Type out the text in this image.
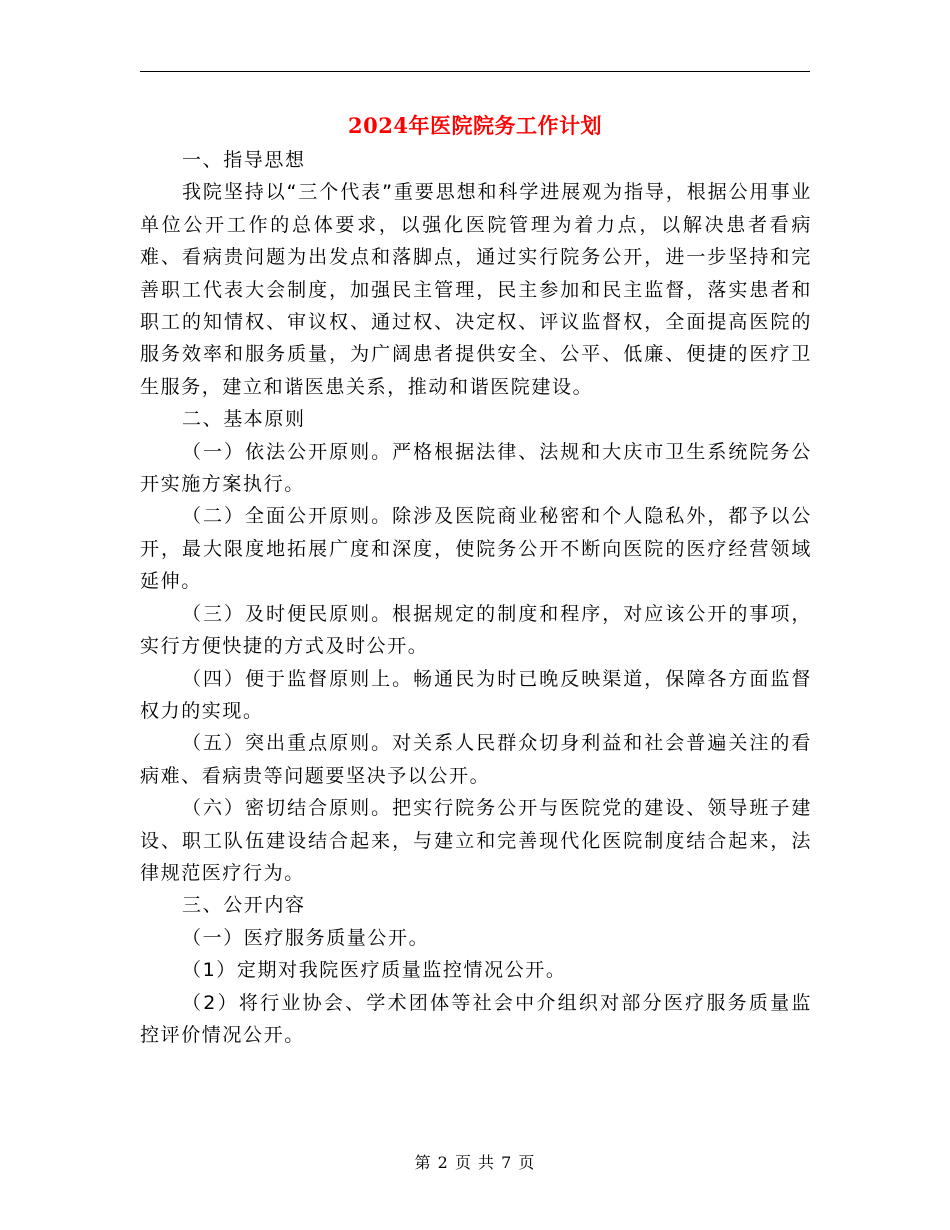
2024年医院院务工作计划

一、指导思想

我院坚持以“三个代表”重要思想和科学进展观为指导，根据公用事业单位公开工作的总体要求，以强化医院管理为着力点，以解决患者看病难、看病贵问题为出发点和落脚点，通过实行院务公开，进一步坚持和完善职工代表大会制度，加强民主管理，民主参加和民主监督，落实患者和职工的知情权、审议权、通过权、决定权、评议监督权，全面提高医院的服务效率和服务质量，为广阔患者提供安全、公平、低廉、便捷的医疗卫生服务，建立和谐医患关系，推动和谐医院建设。

二、基本原则

（一）依法公开原则。严格根据法律、法规和大庆市卫生系统院务公开实施方案执行。

（二）全面公开原则。除涉及医院商业秘密和个人隐私外，都予以公开，最大限度地拓展广度和深度，使院务公开不断向医院的医疗经营领域延伸。

（三）及时便民原则。根据规定的制度和程序，对应该公开的事项，实行方便快捷的方式及时公开。

（四）便于监督原则上。畅通民为时已晚反映渠道，保障各方面监督权力的实现。

（五）突出重点原则。对关系人民群众切身利益和社会普遍关注的看病难、看病贵等问题要坚决予以公开。

（六）密切结合原则。把实行院务公开与医院党的建设、领导班子建设、职工队伍建设结合起来，与建立和完善现代化医院制度结合起来，法律规范医疗行为。

三、公开内容

（一）医疗服务质量公开。

（1）定期对我院医疗质量监控情况公开。

（2）将行业协会、学术团体等社会中介组织对部分医疗服务质量监控评价情况公开。

第 2 页 共 7 页
